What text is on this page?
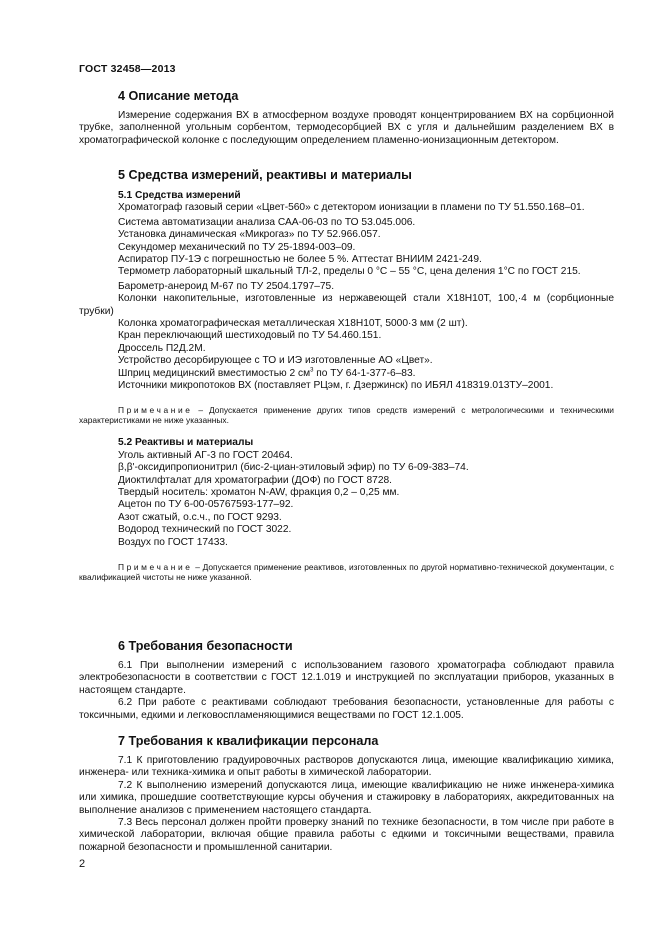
ГОСТ 32458—2013

4 Описание метода

Измерение содержания ВХ в атмосферном воздухе проводят концентрированием ВХ на сорбционной трубке, заполненной угольным сорбентом, термодесорбцией ВХ с угля и дальнейшим разделением ВХ в хроматографической колонке с последующим определением пламенно-ионизационным детектором.

5 Средства измерений, реактивы и материалы

5.1 Средства измерений

Хроматограф газовый серии «Цвет-560» с детектором ионизации в пламени по ТУ 51.550.168–01.

Система автоматизации анализа САА-06-03 по ТО 53.045.006.

Установка динамическая «Микрогаз» по ТУ 52.966.057.

Секундомер механический по ТУ 25-1894-003–09.

Аспиратор ПУ-1Э с погрешностью не более 5 %. Аттестат ВНИИМ 2421-249.

Термометр лабораторный шкальный ТЛ-2, пределы 0 °С – 55 °С, цена деления 1°С по ГОСТ 215.

Барометр-анероид М-67 по ТУ 2504.1797–75.

Колонки накопительные, изготовленные из нержавеющей стали Х18Н10Т, 100,·4 м (сорбционные трубки)

Колонка хроматографическая металлическая Х18Н10Т, 5000·3 мм (2 шт).

Кран переключающий шестиходовый по ТУ 54.460.151.

Дроссель П2Д.2М.

Устройство десорбирующее с ТО и ИЭ изготовленные АО «Цвет».

Шприц медицинский вместимостью 2 $см^3$ по ТУ 64-1-377-6–83.

Источники микропотоков ВХ (поставляет РЦэм, г. Дзержинск) по ИБЯЛ 418319.013ТУ–2001.

Примечание – Допускается применение других типов средств измерений с метрологическими и техническими характеристиками не ниже указанных.

5.2 Реактивы и материалы

Уголь активный АГ-3 по ГОСТ 20464.

β,β'-оксидипропионитрил (бис-2-циан-этиловый эфир) по ТУ 6-09-383–74.

Диоктилфталат для хроматографии (ДОФ) по ГОСТ 8728.

Твердый носитель: хроматон N-AW, фракция 0,2 – 0,25 мм.

Ацетон по ТУ 6-00-05767593-177–92.

Азот сжатый, о.с.ч., по ГОСТ 9293.

Водород технический по ГОСТ 3022.

Воздух по ГОСТ 17433.

Примечание – Допускается применение реактивов, изготовленных по другой нормативно-технической документации, с квалификацией чистоты не ниже указанной.

6 Требования безопасности

6.1 При выполнении измерений с использованием газового хроматографа соблюдают правила электробезопасности в соответствии с ГОСТ 12.1.019 и инструкцией по эксплуатации приборов, указанных в настоящем стандарте.

6.2 При работе с реактивами соблюдают требования безопасности, установленные для работы с токсичными, едкими и легковоспламеняющимися веществами по ГОСТ 12.1.005.

7 Требования к квалификации персонала

7.1 К приготовлению градуировочных растворов допускаются лица, имеющие квалификацию химика, инженера- или техника-химика и опыт работы в химической лаборатории.

7.2 К выполнению измерений допускаются лица, имеющие квалификацию не ниже инженера-химика или химика, прошедшие соответствующие курсы обучения и стажировку в лабораториях, аккредитованных на выполнение анализов с применением настоящего стандарта.

7.3 Весь персонал должен пройти проверку знаний по технике безопасности, в том числе при работе в химической лаборатории, включая общие правила работы с едкими и токсичными веществами, правила пожарной безопасности и промышленной санитарии.

2
